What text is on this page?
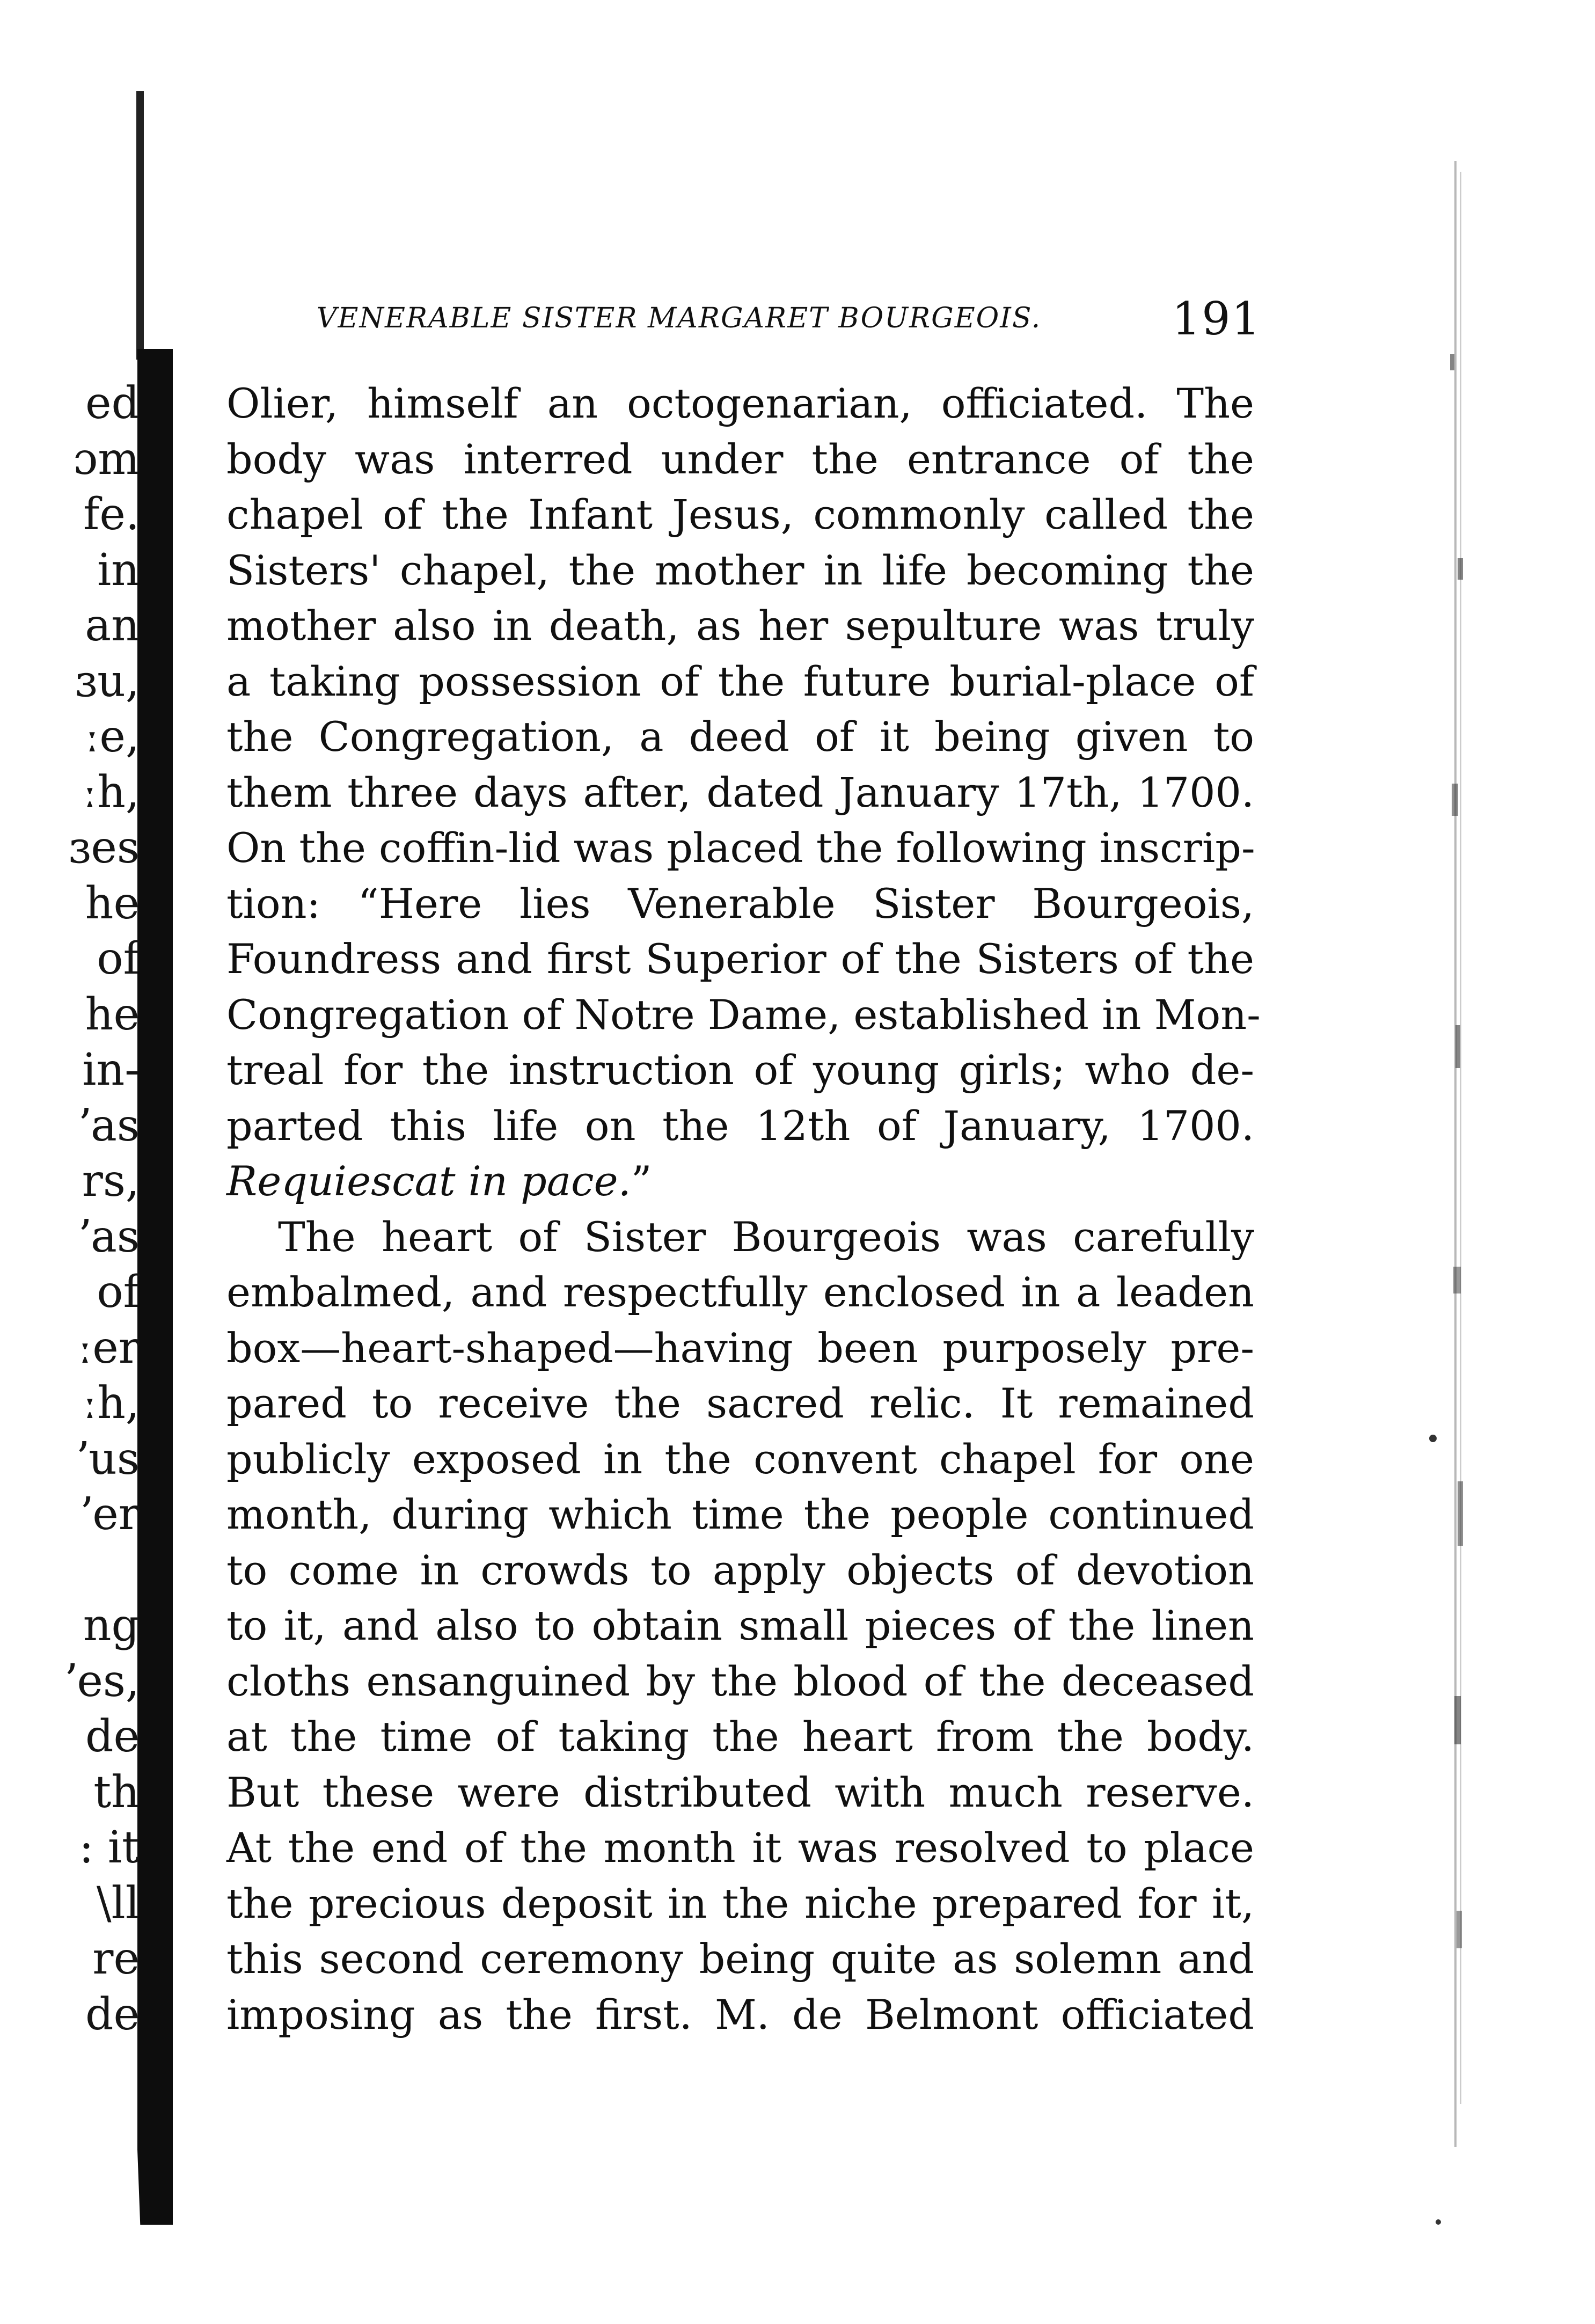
ed
ɔm
fe.
in
an
ɜu,
ːe,
ːh,
ɜes
he
of
he
in-
ʼas
rs,
ʼas
of
ːer
ːh,
ʼus
ʼer
ng
ʼes,
de
th
: it
\ll
re
de
VENERABLE SISTER MARGARET BOURGEOIS.	191

Olier, himself an octogenarian, officiated. The

body was interred under the entrance of the

chapel of the Infant Jesus, commonly called the

Sisters' chapel, the mother in life becoming the

mother also in death, as her sepulture was truly

a taking possession of the future burial-place of

the Congregation, a deed of it being given to

them three days after, dated January 17th, 1700.

On the coffin-lid was placed the following inscrip-

tion: “Here lies Venerable Sister Bourgeois,

Foundress and first Superior of the Sisters of the

Congregation of Notre Dame, established in Mon-

treal for the instruction of young girls; who de-

parted this life on the 12th of January, 1700.

Requiescat in pace.”

The heart of Sister Bourgeois was carefully

embalmed, and respectfully enclosed in a leaden

box—heart-shaped—having been purposely pre-

pared to receive the sacred relic. It remained

publicly exposed in the convent chapel for one

month, during which time the people continued

to come in crowds to apply objects of devotion

to it, and also to obtain small pieces of the linen

cloths ensanguined by the blood of the deceased

at the time of taking the heart from the body.

But these were distributed with much reserve.

At the end of the month it was resolved to place

the precious deposit in the niche prepared for it,

this second ceremony being quite as solemn and

imposing as the first. M. de Belmont officiated
